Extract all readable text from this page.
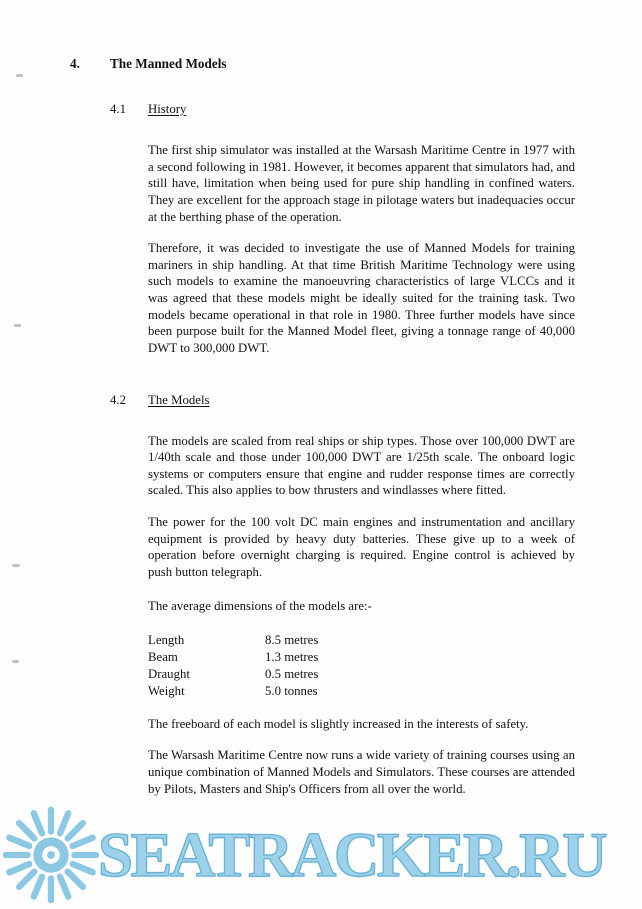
4.	The Manned Models
4.1	History

The first ship simulator was installed at the Warsash Maritime Centre in 1977 with a second following in 1981. However, it becomes apparent that simulators had, and still have, limitation when being used for pure ship handling in confined waters. They are excellent for the approach stage in pilotage waters but inadequacies occur at the berthing phase of the operation.

Therefore, it was decided to investigate the use of Manned Models for training mariners in ship handling. At that time British Maritime Technology were using such models to examine the manoeuvring characteristics of large VLCCs and it was agreed that these models might be ideally suited for the training task. Two models became operational in that role in 1980. Three further models have since been purpose built for the Manned Model fleet, giving a tonnage range of 40,000 DWT to 300,000 DWT.

4.2	The Models

The models are scaled from real ships or ship types. Those over 100,000 DWT are 1/40th scale and those under 100,000 DWT are 1/25th scale. The onboard logic systems or computers ensure that engine and rudder response times are correctly scaled. This also applies to bow thrusters and windlasses where fitted.

The power for the 100 volt DC main engines and instrumentation and ancillary equipment is provided by heavy duty batteries. These give up to a week of operation before overnight charging is required. Engine control is achieved by push button telegraph.

The average dimensions of the models are:-

Length	8.5 metres
Beam	1.3 metres
Draught	0.5 metres
Weight	5.0 tonnes

The freeboard of each model is slightly increased in the interests of safety.

The Warsash Maritime Centre now runs a wide variety of training courses using an unique combination of Manned Models and Simulators. These courses are attended by Pilots, Masters and Ship's Officers from all over the world.

SEATRACKER.RU
